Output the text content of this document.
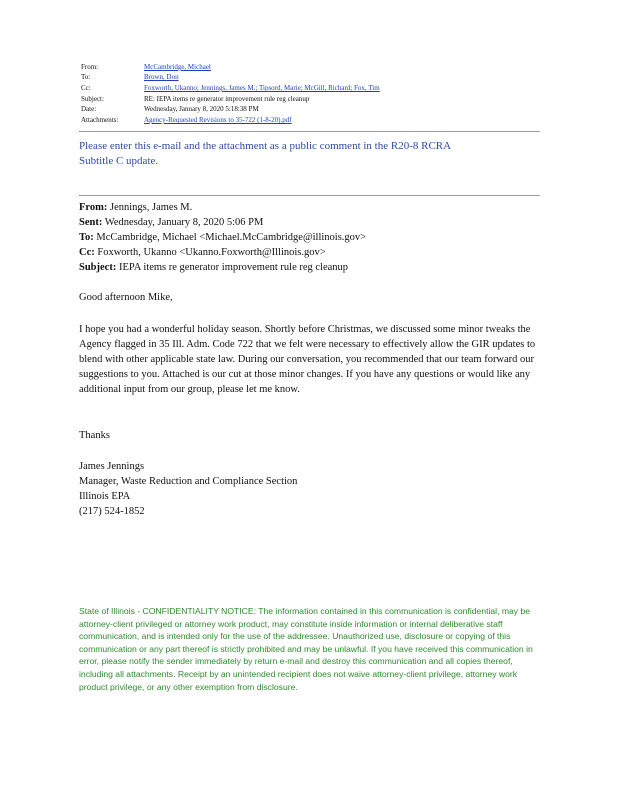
From:	McCambridge, Michael
To:	Brown, Don
Cc:	Foxworth, Ukanno; Jennings, James M.; Tipsord, Marie; McGill, Richard; Fox, Tim
Subject:	RE: IEPA items re generator improvement rule reg cleanup
Date:	Wednesday, January 8, 2020 5:18:38 PM
Attachments:	Agency-Requested Revisions to 35-722 (1-8-20).pdf
Please enter this e-mail and the attachment as a public comment in the R20-8 RCRA Subtitle C update.
From: Jennings, James M.
Sent: Wednesday, January 8, 2020 5:06 PM
To: McCambridge, Michael <Michael.McCambridge@illinois.gov>
Cc: Foxworth, Ukanno <Ukanno.Foxworth@Illinois.gov>
Subject: IEPA items re generator improvement rule reg cleanup
Good afternoon Mike,
I hope you had a wonderful holiday season. Shortly before Christmas, we discussed some minor tweaks the Agency flagged in 35 Ill. Adm. Code 722 that we felt were necessary to effectively allow the GIR updates to blend with other applicable state law. During our conversation, you recommended that our team forward our suggestions to you. Attached is our cut at those minor changes. If you have any questions or would like any additional input from our group, please let me know.
Thanks
James Jennings
Manager, Waste Reduction and Compliance Section
Illinois EPA
(217) 524-1852
State of Illinois - CONFIDENTIALITY NOTICE: The information contained in this communication is confidential, may be attorney-client privileged or attorney work product, may constitute inside information or internal deliberative staff communication, and is intended only for the use of the addressee. Unauthorized use, disclosure or copying of this communication or any part thereof is strictly prohibited and may be unlawful. If you have received this communication in error, please notify the sender immediately by return e-mail and destroy this communication and all copies thereof, including all attachments. Receipt by an unintended recipient does not waive attorney-client privilege, attorney work product privilege, or any other exemption from disclosure.
